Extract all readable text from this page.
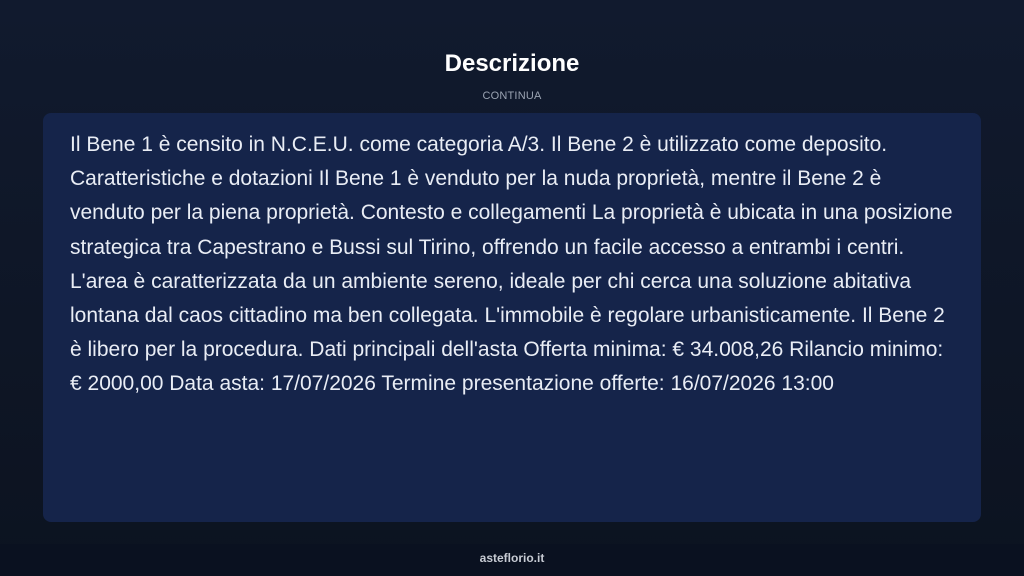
Descrizione
CONTINUA

Il Bene 1 è censito in N.C.E.U. come categoria A/3. Il Bene 2 è utilizzato come deposito. Caratteristiche e dotazioni Il Bene 1 è venduto per la nuda proprietà, mentre il Bene 2 è venduto per la piena proprietà. Contesto e collegamenti La proprietà è ubicata in una posizione strategica tra Capestrano e Bussi sul Tirino, offrendo un facile accesso a entrambi i centri. L'area è caratterizzata da un ambiente sereno, ideale per chi cerca una soluzione abitativa lontana dal caos cittadino ma ben collegata. L'immobile è regolare urbanisticamente. Il Bene 2 è libero per la procedura. Dati principali dell'asta Offerta minima: € 34.008,26 Rilancio minimo: € 2000,00 Data asta: 17/07/2026 Termine presentazione offerte: 16/07/2026 13:00

asteflorio.it
